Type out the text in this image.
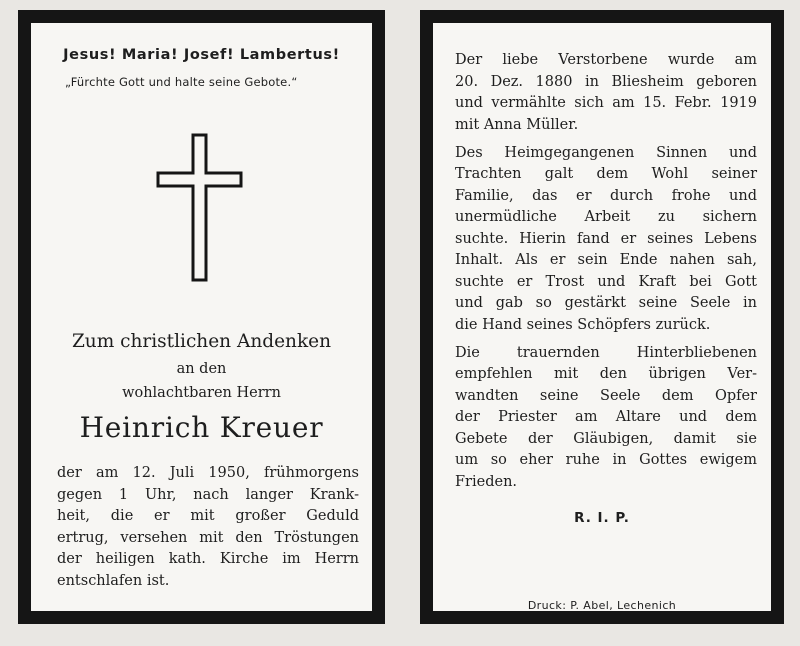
Jesus! Maria! Josef! Lambertus!
„Fürchte Gott und halte seine Gebote.“
Zum christlichen Andenken
an den
wohlachtbaren Herrn
Heinrich Kreuer
der am 12. Juli 1950, frühmorgens
gegen 1 Uhr, nach langer Krank-
heit, die er mit großer Geduld
ertrug, versehen mit den Tröstungen
der heiligen kath. Kirche im Herrn
entschlafen ist.
Der liebe Verstorbene wurde am
20. Dez. 1880 in Bliesheim geboren
und vermählte sich am 15. Febr. 1919
mit Anna Müller.
Des Heimgegangenen Sinnen und
Trachten galt dem Wohl seiner
Familie, das er durch frohe und
unermüdliche Arbeit zu sichern
suchte. Hierin fand er seines Lebens
Inhalt. Als er sein Ende nahen sah,
suchte er Trost und Kraft bei Gott
und gab so gestärkt seine Seele in
die Hand seines Schöpfers zurück.
Die trauernden Hinterbliebenen
empfehlen mit den übrigen Ver-
wandten seine Seele dem Opfer
der Priester am Altare und dem
Gebete der Gläubigen, damit sie
um so eher ruhe in Gottes ewigem
Frieden.
R. I. P.
Druck: P. Abel, Lechenich
